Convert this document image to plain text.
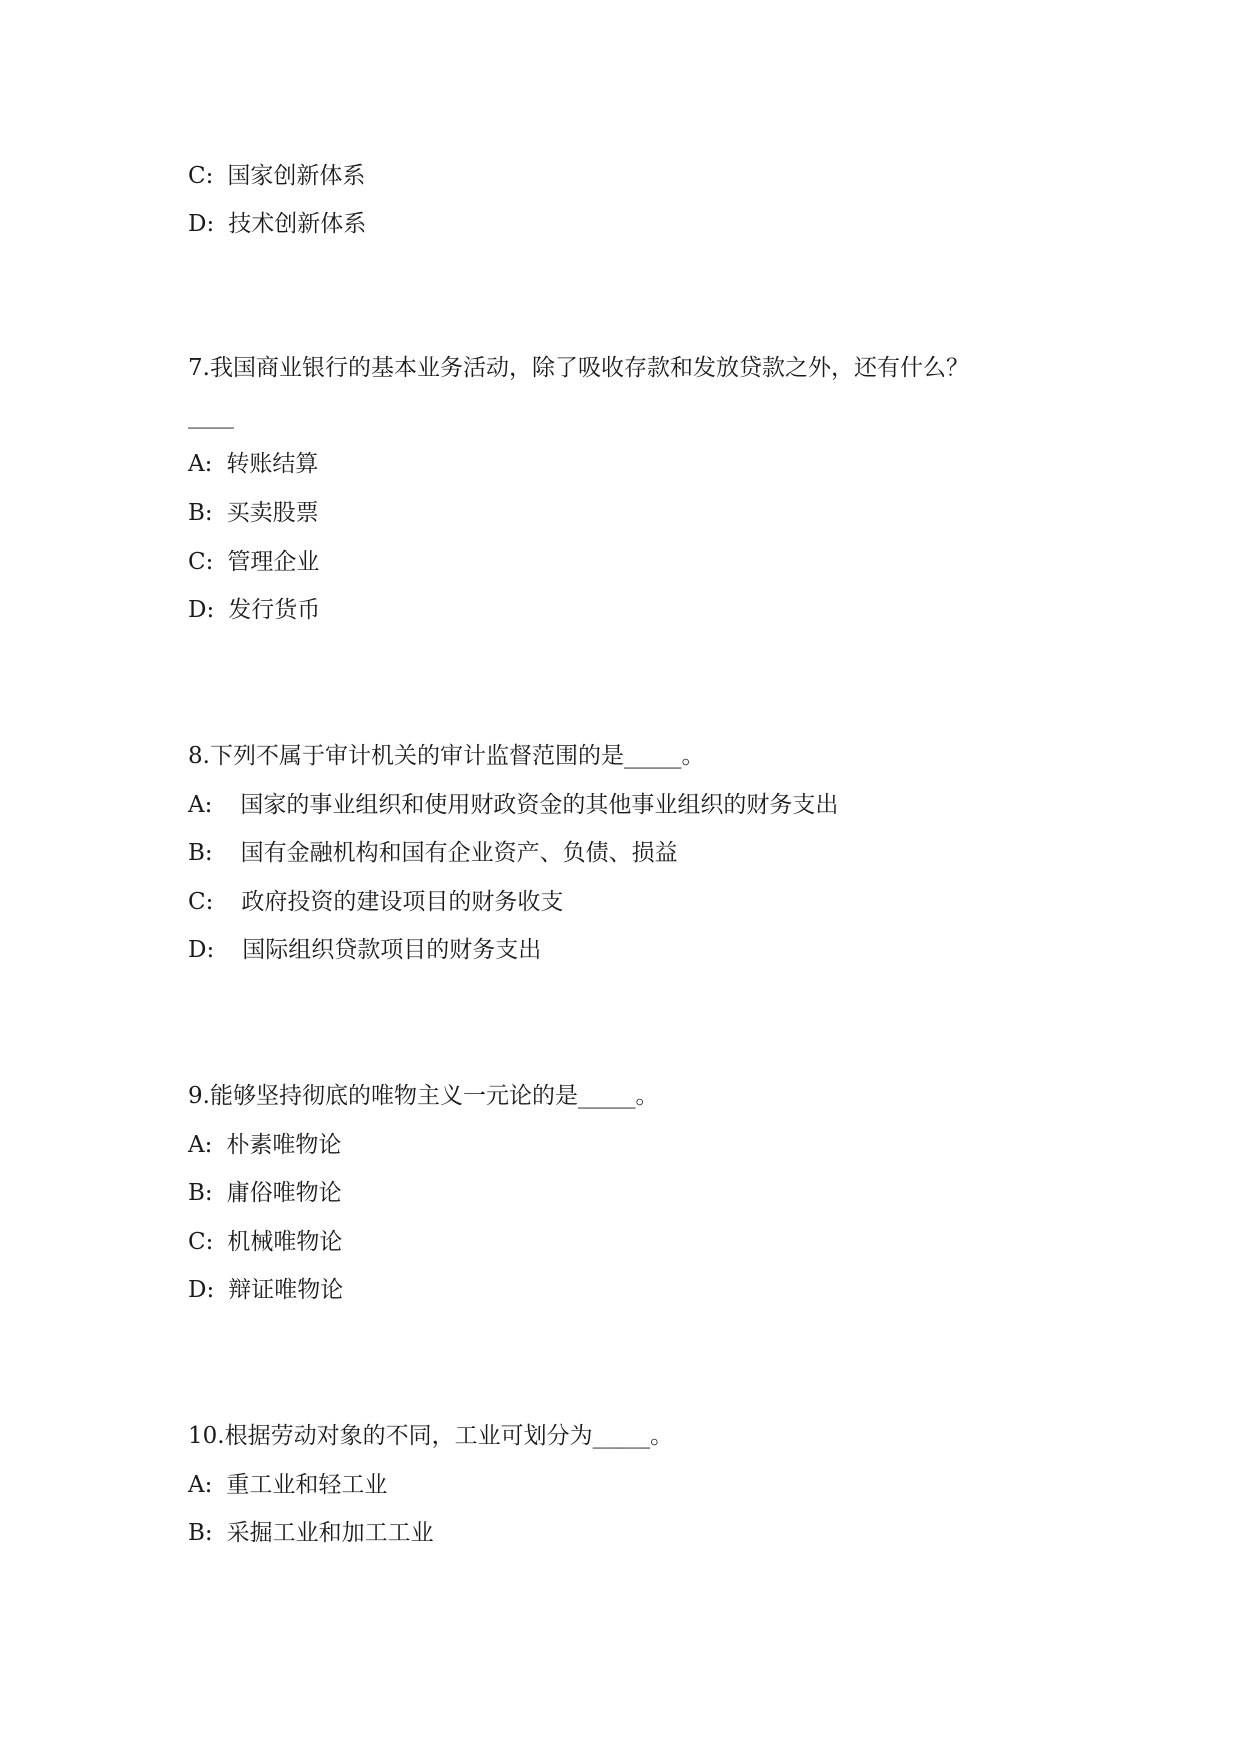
C: 国家创新体系
D: 技术创新体系
7.我国商业银行的基本业务活动，除了吸收存款和发放贷款之外，还有什么？
____
A: 转账结算
B: 买卖股票
C: 管理企业
D: 发行货币
8.下列不属于审计机关的审计监督范围的是_____。
A: 国家的事业组织和使用财政资金的其他事业组织的财务支出
B: 国有金融机构和国有企业资产、负债、损益
C: 政府投资的建设项目的财务收支
D: 国际组织贷款项目的财务支出
9.能够坚持彻底的唯物主义一元论的是_____。
A: 朴素唯物论
B: 庸俗唯物论
C: 机械唯物论
D: 辩证唯物论
10.根据劳动对象的不同，工业可划分为_____。
A: 重工业和轻工业
B: 采掘工业和加工工业
